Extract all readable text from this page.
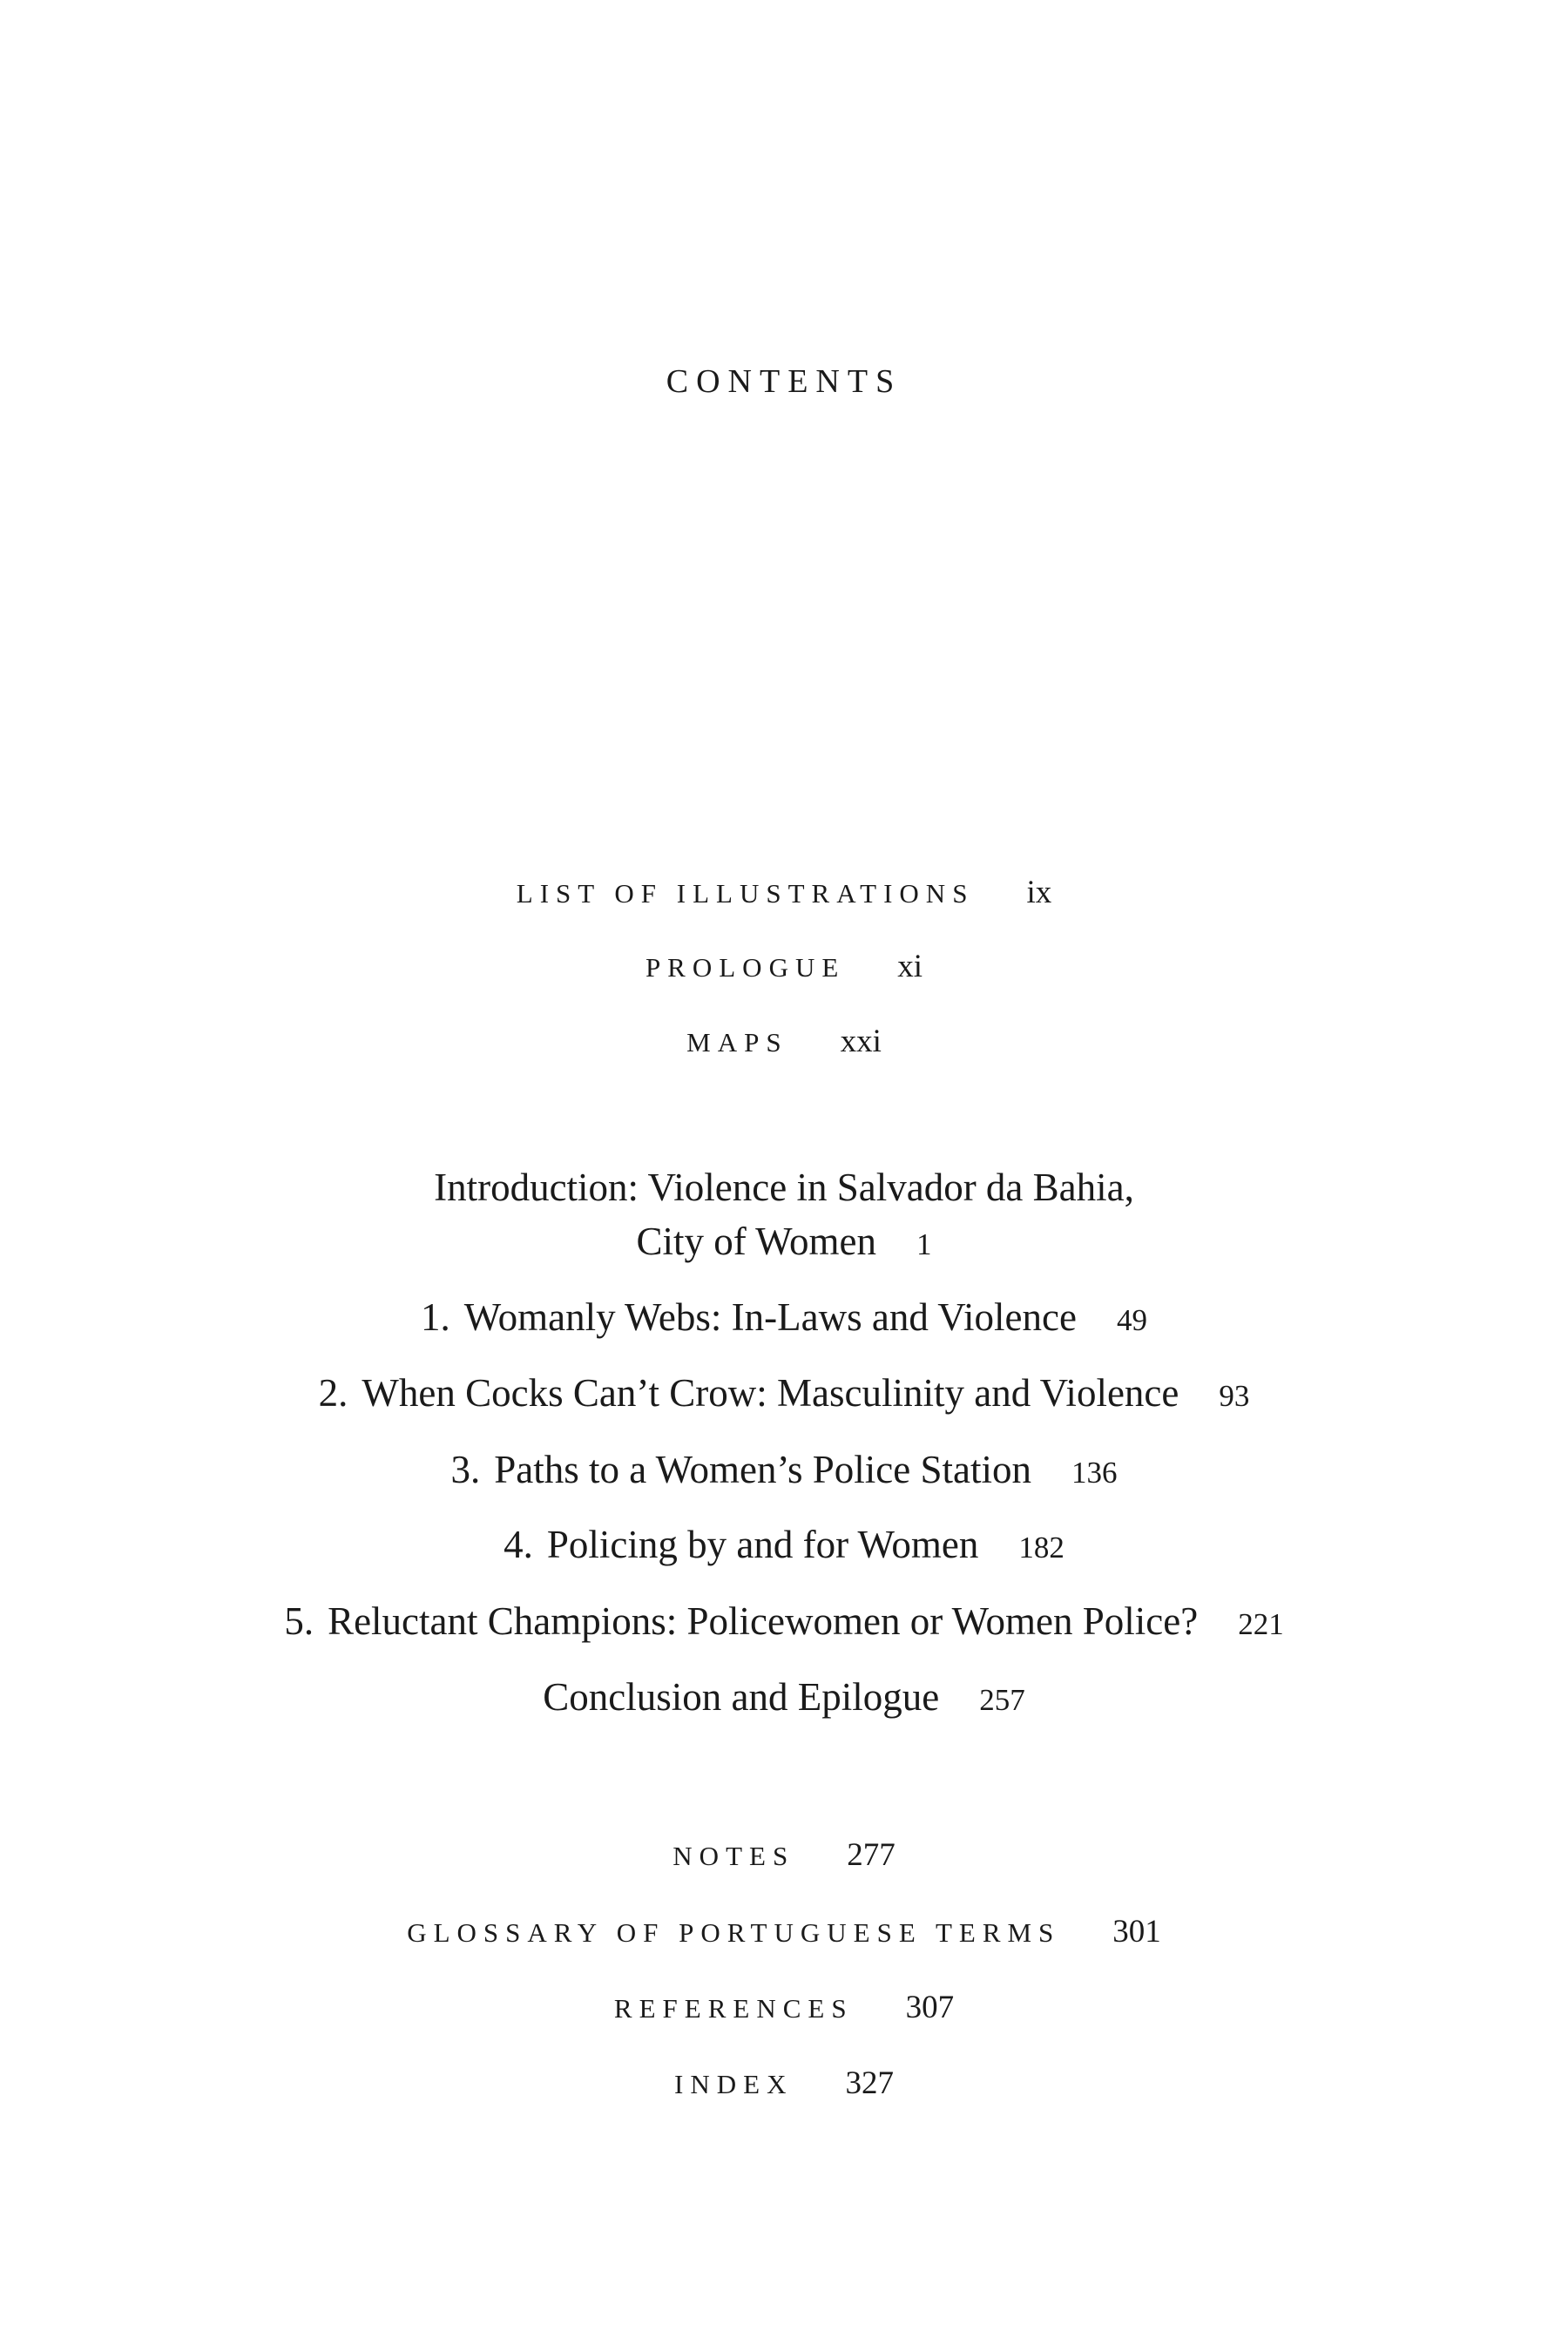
CONTENTS
LIST OF ILLUSTRATIONS ix
PROLOGUE xi
MAPS xxi
Introduction: Violence in Salvador da Bahia,
City of Women 1
1. Womanly Webs: In-Laws and Violence 49
2. When Cocks Can’t Crow: Masculinity and Violence 93
3. Paths to a Women’s Police Station 136
4. Policing by and for Women 182
5. Reluctant Champions: Policewomen or Women Police? 221
Conclusion and Epilogue 257
NOTES 277
GLOSSARY OF PORTUGUESE TERMS 301
REFERENCES 307
INDEX 327
